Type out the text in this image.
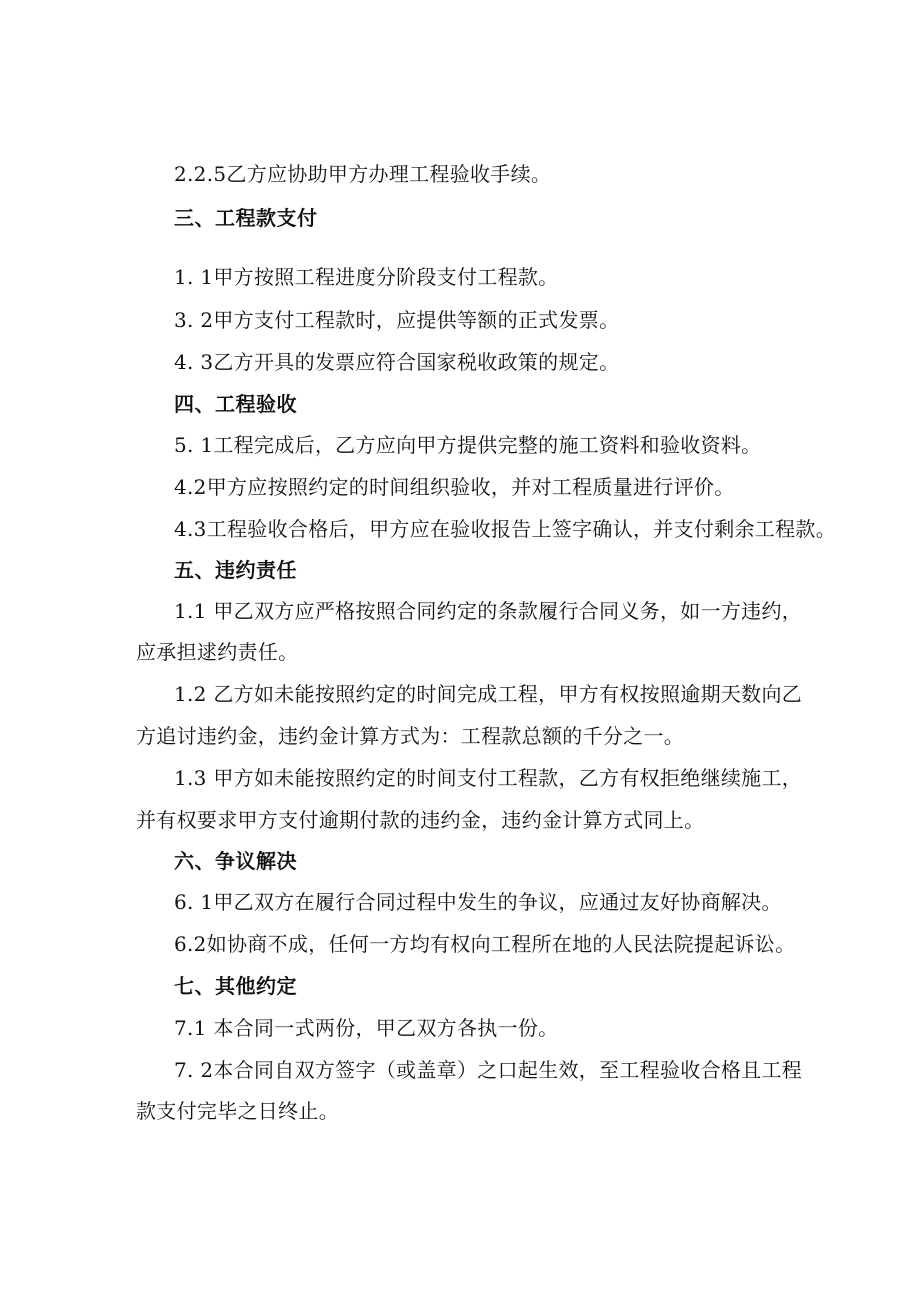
2.2.5乙方应协助甲方办理工程验收手续。
三、工程款支付
1. 1甲方按照工程进度分阶段支付工程款。
3. 2甲方支付工程款时，应提供等额的正式发票。
4. 3乙方开具的发票应符合国家税收政策的规定。
四、工程验收
5. 1工程完成后，乙方应向甲方提供完整的施工资料和验收资料。
4.2甲方应按照约定的时间组织验收，并对工程质量进行评价。
4.3工程验收合格后，甲方应在验收报告上签字确认，并支付剩余工程款。
五、违约责任
1.1 甲乙双方应严格按照合同约定的条款履行合同义务，如一方违约，
应承担逑约责任。
1.2 乙方如未能按照约定的时间完成工程，甲方有权按照逾期天数向乙
方追讨违约金，违约金计算方式为：工程款总额的千分之一。
1.3 甲方如未能按照约定的时间支付工程款，乙方有权拒绝继续施工，
并有权要求甲方支付逾期付款的违约金，违约金计算方式同上。
六、争议解决
6. 1甲乙双方在履行合同过程中发生的争议，应通过友好协商解决。
6.2如协商不成，任何一方均有权向工程所在地的人民法院提起诉讼。
七、其他约定
7.1 本合同一式两份，甲乙双方各执一份。
7. 2本合同自双方签字（或盖章）之口起生效，至工程验收合格且工程
款支付完毕之日终止。
